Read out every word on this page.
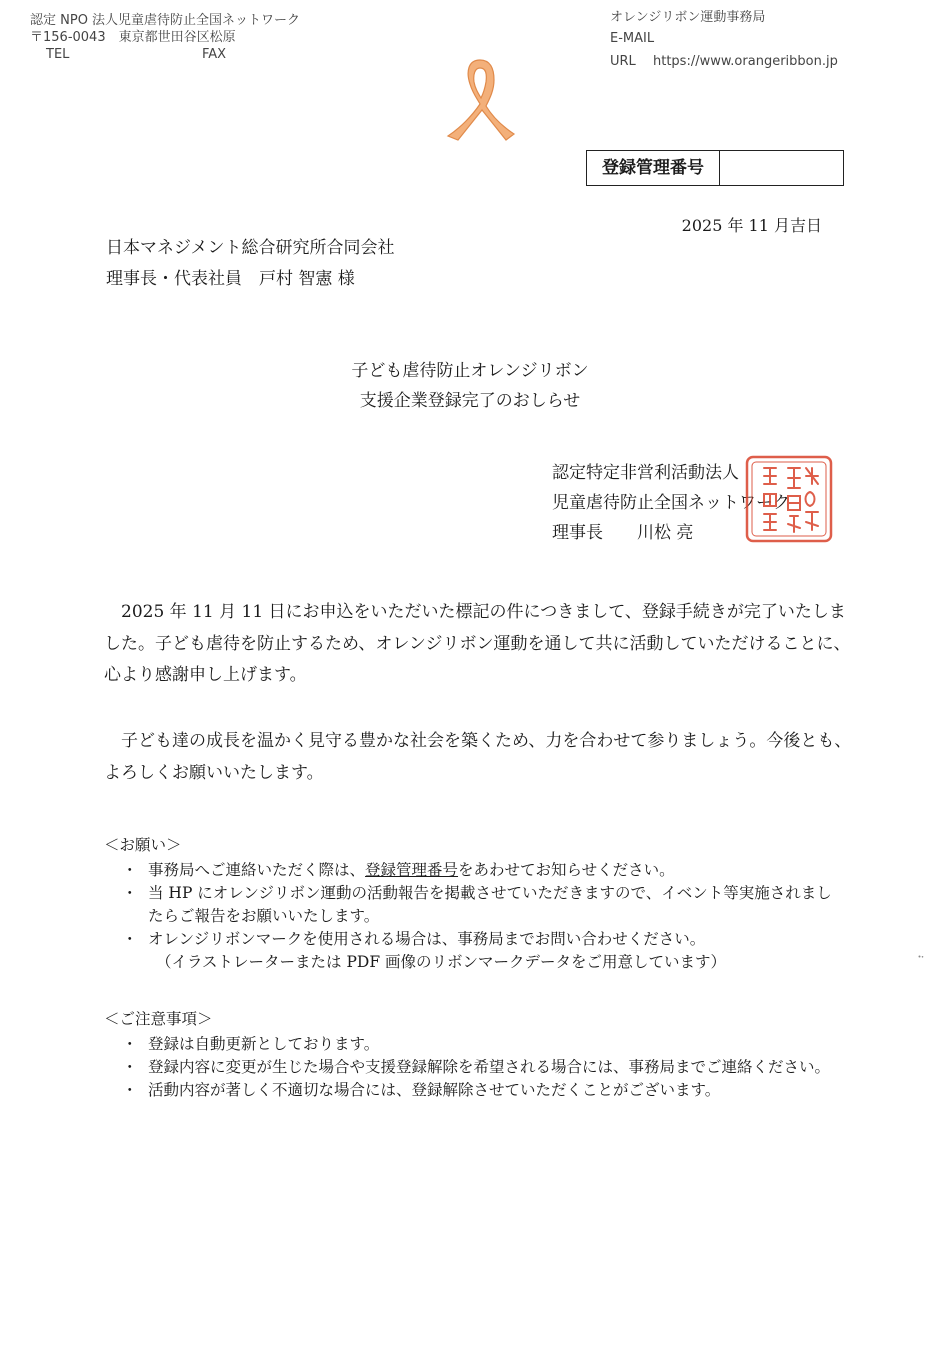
認定 NPO 法人児童虐待防止全国ネットワーク
〒156-0043　東京都世田谷区松原
TEL	FAX
オレンジリボン運動事務局
E-MAIL
URL	https://www.orangeribbon.jp
登録管理番号
2025 年 11 月吉日
日本マネジメント総合研究所合同会社
理事長・代表社員　戸村 智憲 様
子ども虐待防止オレンジリボン
支援企業登録完了のおしらせ
認定特定非営利活動法人
児童虐待防止全国ネットワーク
理事長　　川松 亮
2025 年 11 月 11 日にお申込をいただいた標記の件につきまして、登録手続きが完了いたしました。子ども虐待を防止するため、オレンジリボン運動を通して共に活動していただけることに、心より感謝申し上げます。
子ども達の成長を温かく見守る豊かな社会を築くため、力を合わせて参りましょう。今後とも、よろしくお願いいたします。
＜お願い＞
・ 事務局へご連絡いただく際は、登録管理番号をあわせてお知らせください。
・ 当 HP にオレンジリボン運動の活動報告を掲載させていただきますので、イベント等実施されましたらご報告をお願いいたします。
・ オレンジリボンマークを使用される場合は、事務局までお問い合わせください。
（イラストレーターまたは PDF 画像のリボンマークデータをご用意しています）
＜ご注意事項＞
・ 登録は自動更新としております。
・ 登録内容に変更が生じた場合や支援登録解除を希望される場合には、事務局までご連絡ください。
・ 活動内容が著しく不適切な場合には、登録解除させていただくことがございます。
